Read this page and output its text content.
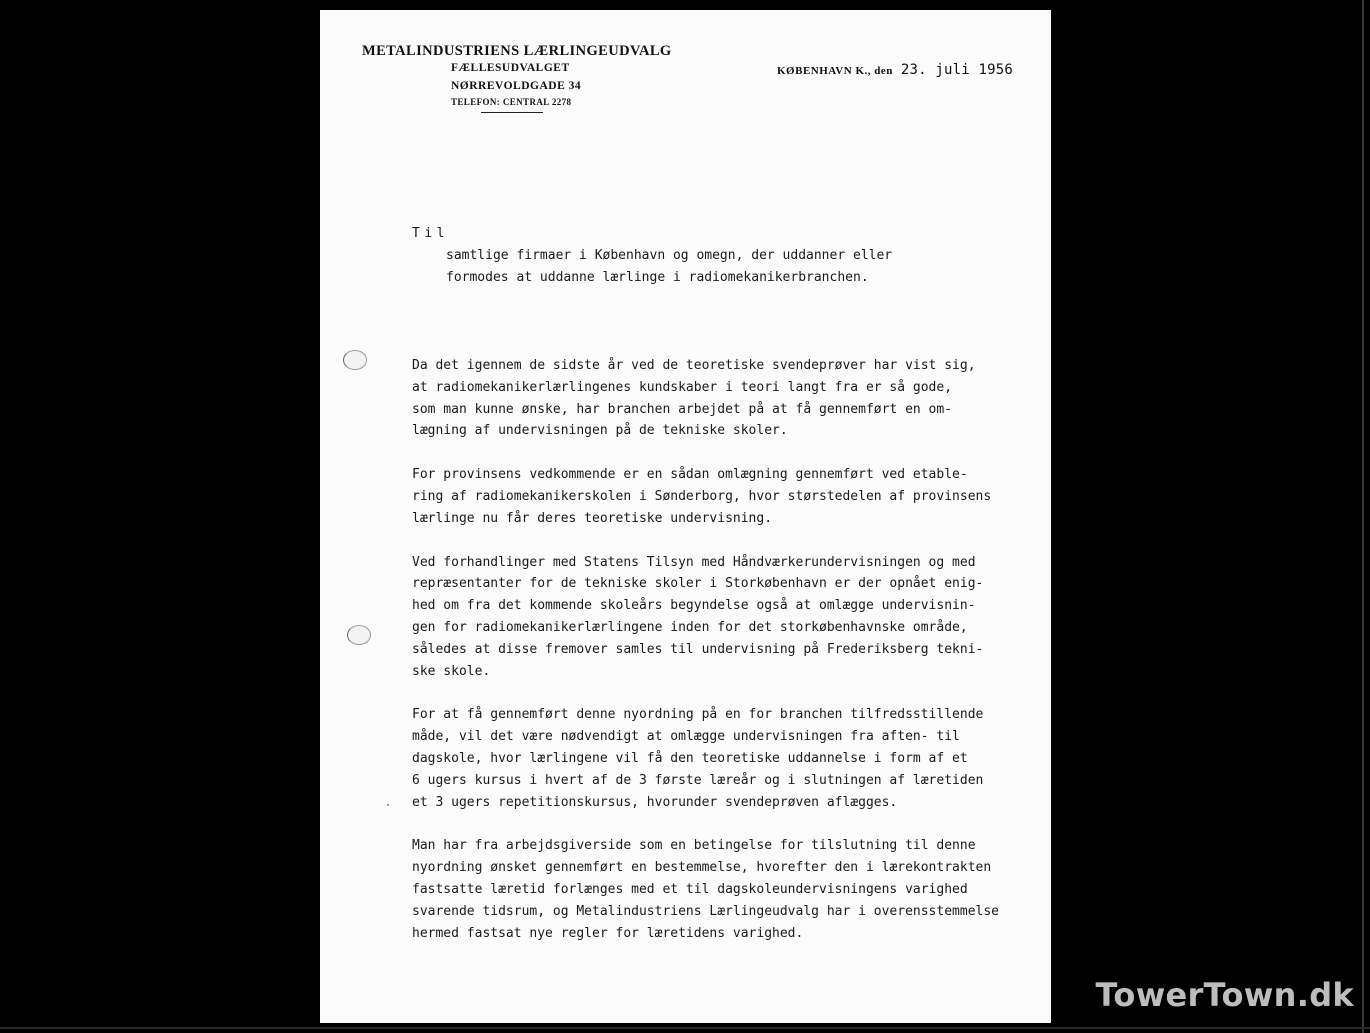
METALINDUSTRIENS LÆRLINGEUDVALG
FÆLLESUDVALGET
NØRREVOLDGADE 34
TELEFON: CENTRAL 2278
KØBENHAVN K., den 23. juli 1956
Til
samtlige firmaer i København og omegn, der uddanner eller
formodes at uddanne lærlinge i radiomekanikerbranchen.
Da det igennem de sidste år ved de teoretiske svendeprøver har vist sig,
at radiomekanikerlærlingenes kundskaber i teori langt fra er så gode,
som man kunne ønske, har branchen arbejdet på at få gennemført en om-
lægning af undervisningen på de tekniske skoler.
For provinsens vedkommende er en sådan omlægning gennemført ved etable-
ring af radiomekanikerskolen i Sønderborg, hvor størstedelen af provinsens
lærlinge nu får deres teoretiske undervisning.
Ved forhandlinger med Statens Tilsyn med Håndværkerundervisningen og med
repræsentanter for de tekniske skoler i Storkøbenhavn er der opnået enig-
hed om fra det kommende skoleårs begyndelse også at omlægge undervisnin-
gen for radiomekanikerlærlingene inden for det storkøbenhavnske område,
således at disse fremover samles til undervisning på Frederiksberg tekni-
ske skole.
For at få gennemført denne nyordning på en for branchen tilfredsstillende
måde, vil det være nødvendigt at omlægge undervisningen fra aften- til
dagskole, hvor lærlingene vil få den teoretiske uddannelse i form af et
6 ugers kursus i hvert af de 3 første læreår og i slutningen af læretiden
et 3 ugers repetitionskursus, hvorunder svendeprøven aflægges.
Man har fra arbejdsgiverside som en betingelse for tilslutning til denne
nyordning ønsket gennemført en bestemmelse, hvorefter den i lærekontrakten
fastsatte læretid forlænges med et til dagskoleundervisningens varighed
svarende tidsrum, og Metalindustriens Lærlingeudvalg har i overensstemmelse
hermed fastsat nye regler for læretidens varighed.
TowerTown.dk
